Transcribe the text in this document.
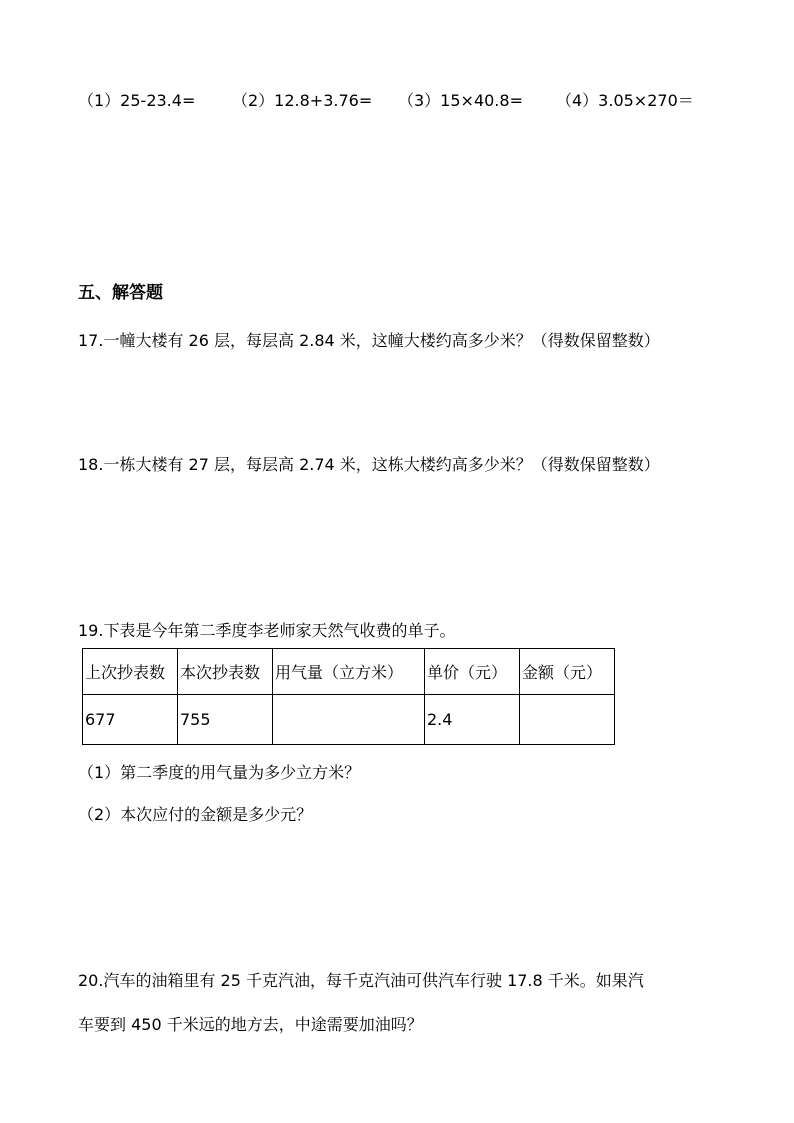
（1）25-23.4= （2）12.8+3.76= （3）15×40.8= （4）3.05×270＝
五、解答题
17.一幢大楼有 26 层，每层高 2.84 米，这幢大楼约高多少米？（得数保留整数）
18.一栋大楼有 27 层，每层高 2.74 米，这栋大楼约高多少米？（得数保留整数）
19.下表是今年第二季度李老师家天然气收费的单子。
上次抄表数	本次抄表数	用气量（立方米）	单价（元）	金额（元）
677	755		2.4	
（1）第二季度的用气量为多少立方米？
（2）本次应付的金额是多少元？
20.汽车的油箱里有 25 千克汽油，每千克汽油可供汽车行驶 17.8 千米。如果汽
车要到 450 千米远的地方去，中途需要加油吗？
